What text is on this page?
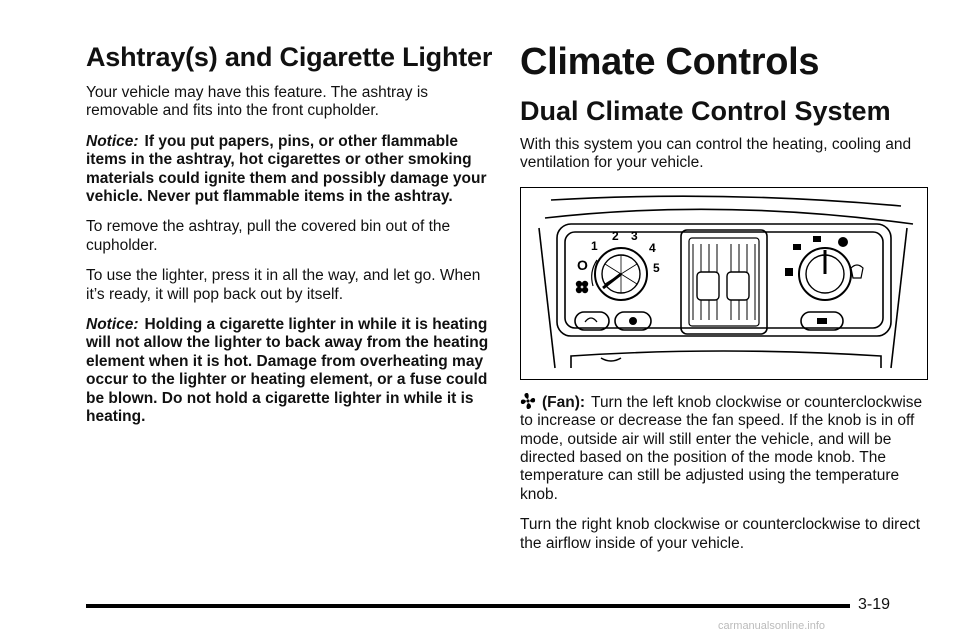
Ashtray(s) and Cigarette Lighter

Your vehicle may have this feature. The ashtray is removable and fits into the front cupholder.

Notice: If you put papers, pins, or other flammable items in the ashtray, hot cigarettes or other smoking materials could ignite them and possibly damage your vehicle. Never put flammable items in the ashtray.

To remove the ashtray, pull the covered bin out of the cupholder.

To use the lighter, press it in all the way, and let go. When it’s ready, it will pop back out by itself.

Notice: Holding a cigarette lighter in while it is heating will not allow the lighter to back away from the heating element when it is hot. Damage from overheating may occur to the lighter or heating element, or a fuse could be blown. Do not hold a cigarette lighter in while it is heating.

Climate Controls
Dual Climate Control System

With this system you can control the heating, cooling and ventilation for your vehicle.

1
2 3
4
5
O

(Fan): Turn the left knob clockwise or counterclockwise to increase or decrease the fan speed. If the knob is in off mode, outside air will still enter the vehicle, and will be directed based on the position of the mode knob. The temperature can still be adjusted using the temperature knob.

Turn the right knob clockwise or counterclockwise to direct the airflow inside of your vehicle.

3-19
carmanualsonline.info
